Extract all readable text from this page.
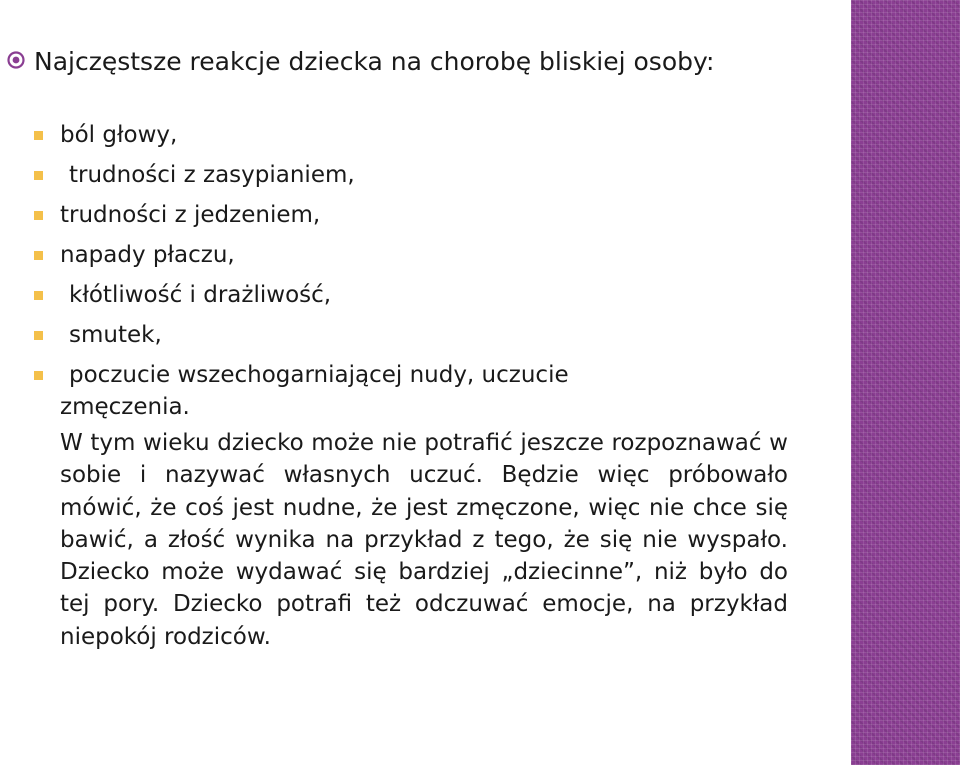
Najczęstsze reakcje dziecka na chorobę bliskiej osoby:
ból głowy,
trudności z zasypianiem,
trudności z jedzeniem,
napady płaczu,
kłótliwość i drażliwość,
smutek,
poczucie wszechogarniającej nudy, uczucie
zmęczenia.
W tym wieku dziecko może nie potrafić jeszcze rozpoznawać w sobie i nazywać własnych uczuć. Będzie więc próbowało mówić, że coś jest nudne, że jest zmęczone, więc nie chce się bawić, a złość wynika na przykład z tego, że się nie wyspało. Dziecko może wydawać się bardziej „dziecinne”, niż było do tej pory. Dziecko potrafi też odczuwać emocje, na przykład niepokój rodziców.
